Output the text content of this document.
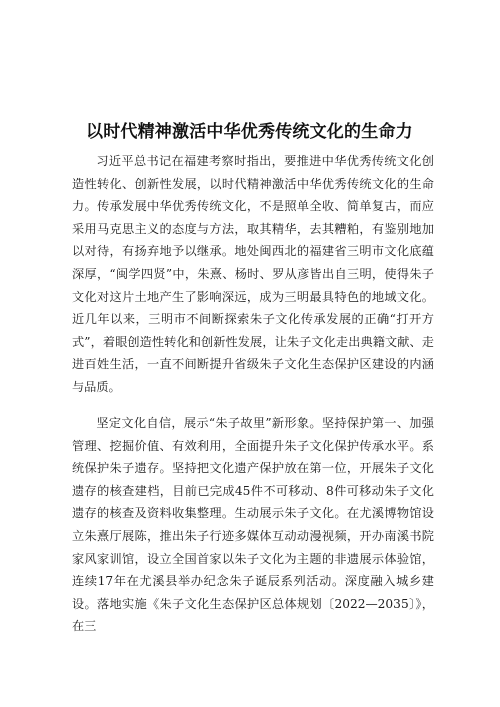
以时代精神激活中华优秀传统文化的生命力

习近平总书记在福建考察时指出，要推进中华优秀传统文化创造性转化、创新性发展，以时代精神激活中华优秀传统文化的生命力。传承发展中华优秀传统文化，不是照单全收、简单复古，而应采用马克思主义的态度与方法，取其精华，去其糟粕，有鉴别地加以对待，有扬弃地予以继承。地处闽西北的福建省三明市文化底蕴深厚，“闽学四贤”中，朱熹、杨时、罗从彦皆出自三明，使得朱子文化对这片土地产生了影响深远，成为三明最具特色的地域文化。近几年以来，三明市不间断探索朱子文化传承发展的正确“打开方式”，着眼创造性转化和创新性发展，让朱子文化走出典籍文献、走进百姓生活，一直不间断提升省级朱子文化生态保护区建设的内涵与品质。

坚定文化自信，展示“朱子故里”新形象。坚持保护第一、加强管理、挖掘价值、有效利用，全面提升朱子文化保护传承水平。系统保护朱子遗存。坚持把文化遗产保护放在第一位，开展朱子文化遗存的核查建档，目前已完成45件不可移动、8件可移动朱子文化遗存的核查及资料收集整理。生动展示朱子文化。在尤溪博物馆设立朱熹厅展陈，推出朱子行迹多媒体互动动漫视频，开办南溪书院家风家训馆，设立全国首家以朱子文化为主题的非遗展示体验馆，连续17年在尤溪县举办纪念朱子诞辰系列活动。深度融入城乡建设。落地实施《朱子文化生态保护区总体规划〔2022—2035〕》，在三
